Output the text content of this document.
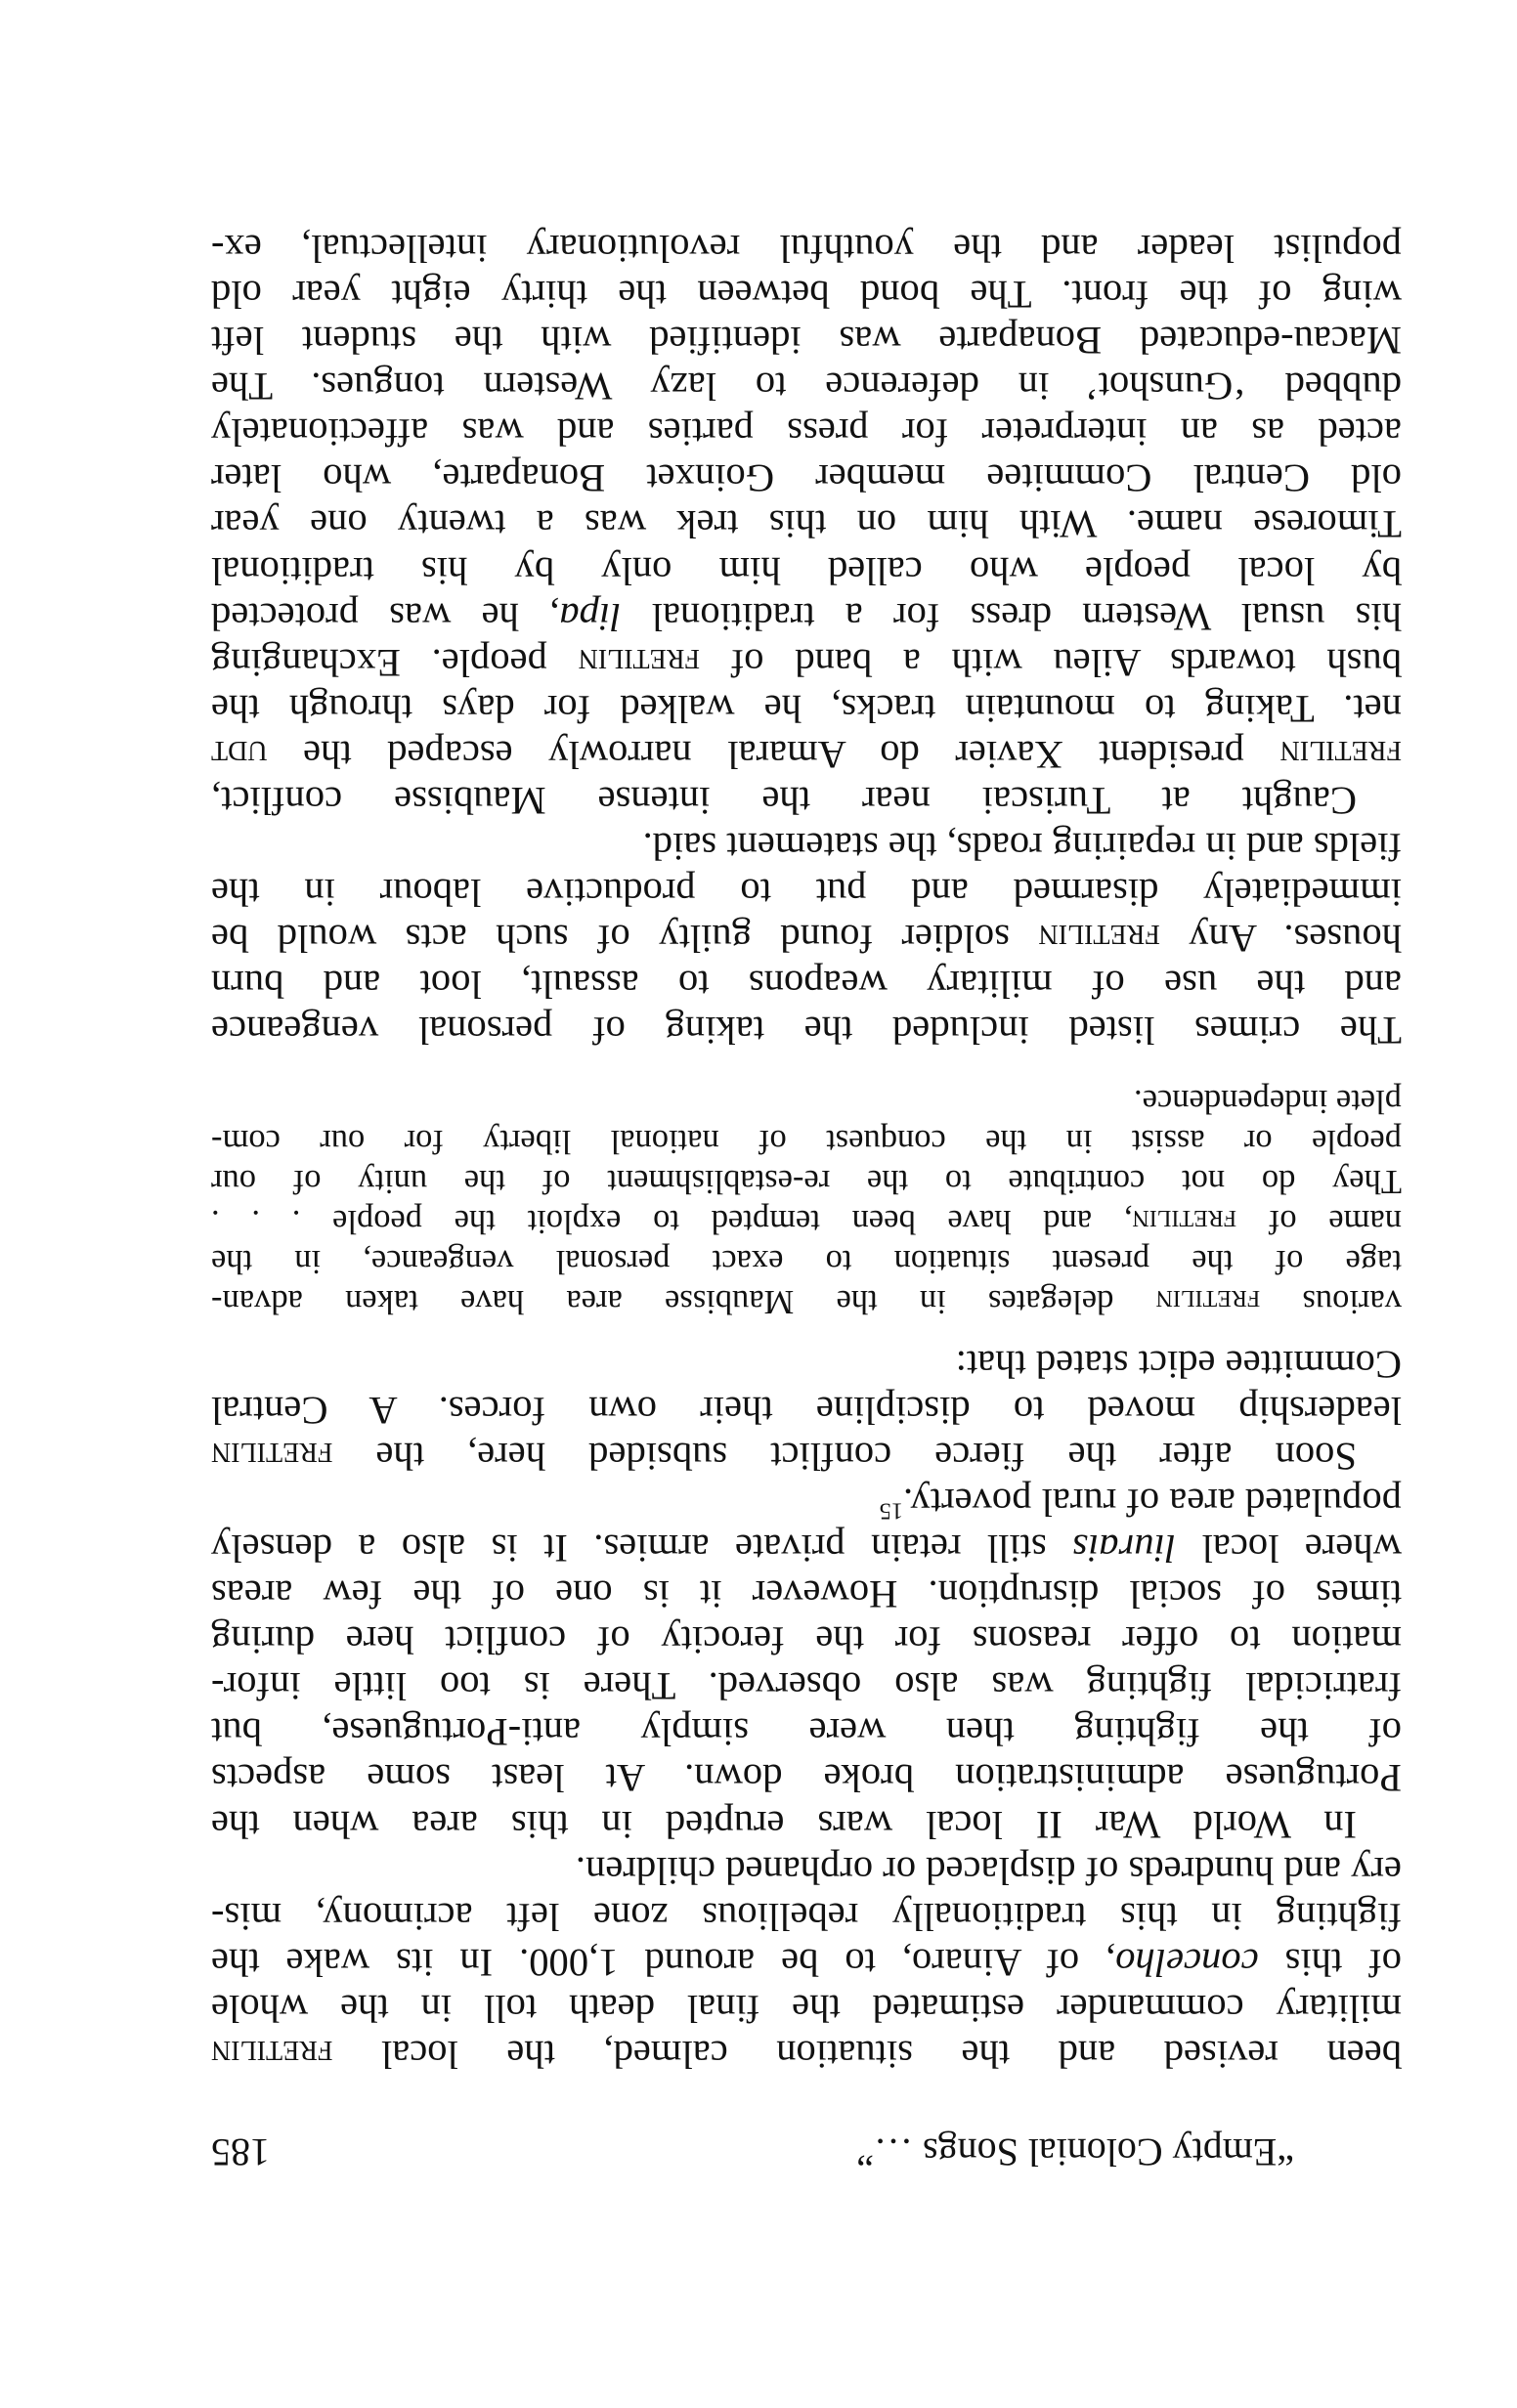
“Empty Colonial Songs …”
185
been revised and the situation calmed, the local fretilin
military commander estimated the final death toll in the whole
of this concelho, of Ainaro, to be around 1,000. In its wake the
fighting in this traditionally rebellious zone left acrimony, mis-
ery and hundreds of displaced or orphaned children.
In World War II local wars erupted in this area when the
Portuguese administration broke down. At least some aspects
of the fighting then were simply anti-Portuguese, but
fratricidal fighting was also observed. There is too little infor-
mation to offer reasons for the ferocity of conflict here during
times of social disruption. However it is one of the few areas
where local liurais still retain private armies. It is also a densely
populated area of rural poverty.$^{15}$
Soon after the fierce conflict subsided here, the fretilin
leadership moved to discipline their own forces. A Central
Committee edict stated that:
various fretilin delegates in the Maubisse area have taken advan-
tage of the present situation to exact personal vengeance, in the
name of fretilin, and have been tempted to exploit the people . . .
They do not contribute to the re-establishment of the unity of our
people or assist in the conquest of national liberty for our com-
plete independence.
The crimes listed included the taking of personal vengeance
and the use of military weapons to assault, loot and burn
houses. Any fretilin soldier found guilty of such acts would be
immediately disarmed and put to productive labour in the
fields and in repairing roads, the statement said.
Caught at Turiscai near the intense Maubisse conflict,
fretilin president Xavier do Amaral narrowly escaped the udt
net. Taking to mountain tracks, he walked for days through the
bush towards Aileu with a band of fretilin people. Exchanging
his usual Western dress for a traditional lipa, he was protected
by local people who called him only by his traditional
Timorese name. With him on this trek was a twenty one year
old Central Commitee member Goinxet Bonaparte, who later
acted as an interpreter for press parties and was affectionately
dubbed ‘Gunshot’ in deference to lazy Western tongues. The
Macau-educated Bonaparte was identified with the student left
wing of the front. The bond between the thirty eight year old
populist leader and the youthful revolutionary intellectual, ex-
